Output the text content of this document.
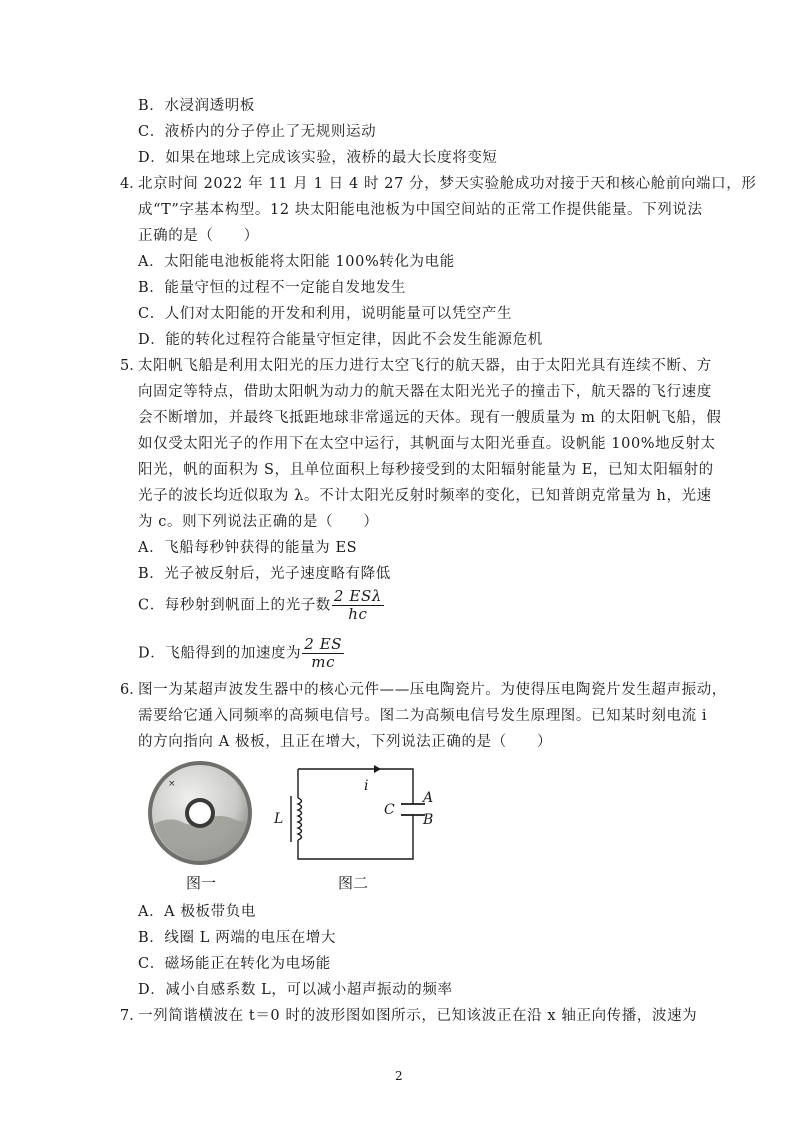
B．水浸润透明板
C．液桥内的分子停止了无规则运动
D．如果在地球上完成该实验，液桥的最大长度将变短
4．
北京时间 2022 年 11 月 1 日 4 时 27 分，梦天实验舱成功对接于天和核心舱前向端口，形
成“T”字基本构型。12 块太阳能电池板为中国空间站的正常工作提供能量。下列说法
正确的是（　　）
A．太阳能电池板能将太阳能 100%转化为电能
B．能量守恒的过程不一定能自发地发生
C．人们对太阳能的开发和利用，说明能量可以凭空产生
D．能的转化过程符合能量守恒定律，因此不会发生能源危机
5．
太阳帆飞船是利用太阳光的压力进行太空飞行的航天器，由于太阳光具有连续不断、方
向固定等特点，借助太阳帆为动力的航天器在太阳光光子的撞击下，航天器的飞行速度
会不断增加，并最终飞抵距地球非常遥远的天体。现有一艘质量为 m 的太阳帆飞船，假
如仅受太阳光子的作用下在太空中运行，其帆面与太阳光垂直。设帆能 100%地反射太
阳光，帆的面积为 S，且单位面积上每秒接受到的太阳辐射能量为 E，已知太阳辐射的
光子的波长均近似取为 λ。不计太阳光反射时频率的变化，已知普朗克常量为 h，光速
为 c。则下列说法正确的是（　　）
A．飞船每秒钟获得的能量为 ES
B．光子被反射后，光子速度略有降低
C．每秒射到帆面上的光子数 $\frac{\text{2 ESλ}}{hc}$
D．飞船得到的加速度为 $\frac{2 ES}{mc}$
6．
图一为某超声波发生器中的核心元件——压电陶瓷片。为使得压电陶瓷片发生超声振动，
需要给它通入同频率的高频电信号。图二为高频电信号发生原理图。已知某时刻电流 i
的方向指向 A 极板，且正在增大，下列说法正确的是（　　）
×
图一
L
i
C
A
B
图二
A．A 极板带负电
B．线圈 L 两端的电压在增大
C．磁场能正在转化为电场能
D．减小自感系数 L，可以减小超声振动的频率
7．
一列简谐横波在 t＝0 时的波形图如图所示，已知该波正在沿 x 轴正向传播，波速为
2
